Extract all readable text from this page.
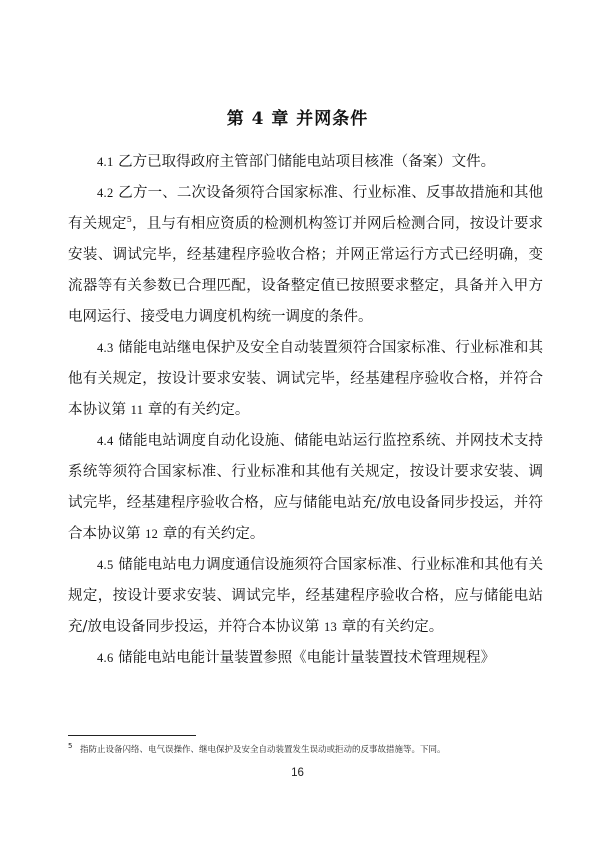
第 4 章 并网条件

4.1 乙方已取得政府主管部门储能电站项目核准（备案）文件。

4.2 乙方一、二次设备须符合国家标准、行业标准、反事故措施和其他有关规定$^5$，且与有相应资质的检测机构签订并网后检测合同，按设计要求安装、调试完毕，经基建程序验收合格；并网正常运行方式已经明确，变流器等有关参数已合理匹配，设备整定值已按照要求整定，具备并入甲方电网运行、接受电力调度机构统一调度的条件。

4.3 储能电站继电保护及安全自动装置须符合国家标准、行业标准和其他有关规定，按设计要求安装、调试完毕，经基建程序验收合格，并符合本协议第 11 章的有关约定。

4.4 储能电站调度自动化设施、储能电站运行监控系统、并网技术支持系统等须符合国家标准、行业标准和其他有关规定，按设计要求安装、调试完毕，经基建程序验收合格，应与储能电站充/放电设备同步投运，并符合本协议第 12 章的有关约定。

4.5 储能电站电力调度通信设施须符合国家标准、行业标准和其他有关规定，按设计要求安装、调试完毕，经基建程序验收合格，应与储能电站充/放电设备同步投运，并符合本协议第 13 章的有关约定。

4.6 储能电站电能计量装置参照《电能计量装置技术管理规程》

5 指防止设备闪络、电气误操作、继电保护及安全自动装置发生误动或拒动的反事故措施等。下同。
16
